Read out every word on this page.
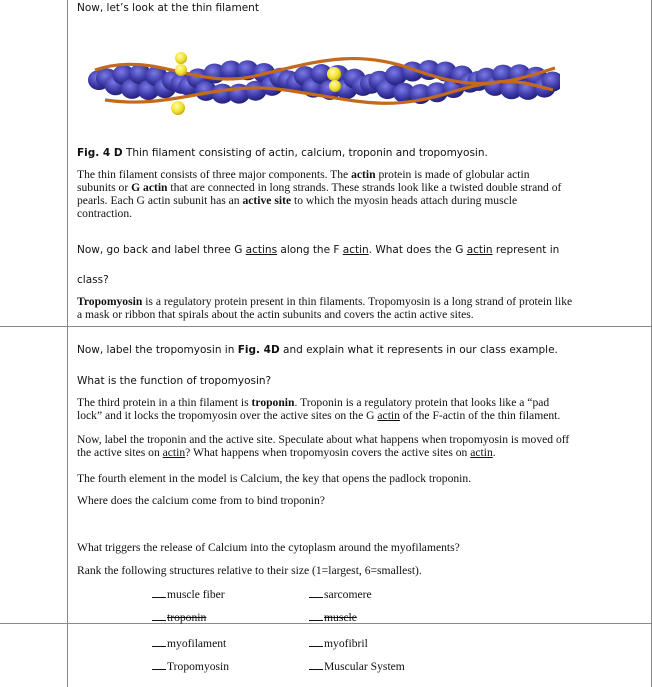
Now, let’s look at the thin filament
Fig. 4 D Thin filament consisting of actin, calcium, troponin and tropomyosin.
The thin filament consists of three major components. The actin protein is made of globular actin subunits or G actin that are connected in long strands. These strands look like a twisted double strand of pearls. Each G actin subunit has an active site to which the myosin heads attach during muscle contraction.
Now, go back and label three G actins along the F actin. What does the G actin represent in
class?
Tropomyosin is a regulatory protein present in thin filaments. Tropomyosin is a long strand of protein like a mask or ribbon that spirals about the actin subunits and covers the actin active sites.
Now, label the tropomyosin in Fig. 4D and explain what it represents in our class example.
What is the function of tropomyosin?
The third protein in a thin filament is troponin. Troponin is a regulatory protein that looks like a “pad lock” and it locks the tropomyosin over the active sites on the G actin of the F-actin of the thin filament.
Now, label the troponin and the active site. Speculate about what happens when tropomyosin is moved off the active sites on actin? What happens when tropomyosin covers the active sites on actin.
The fourth element in the model is Calcium, the key that opens the padlock troponin.
Where does the calcium come from to bind troponin?
What triggers the release of Calcium into the cytoplasm around the myofilaments?
Rank the following structures relative to their size (1=largest, 6=smallest).
muscle fiber	sarcomere
troponin	muscle
myofilament	myofibril
Tropomyosin	Muscular System
